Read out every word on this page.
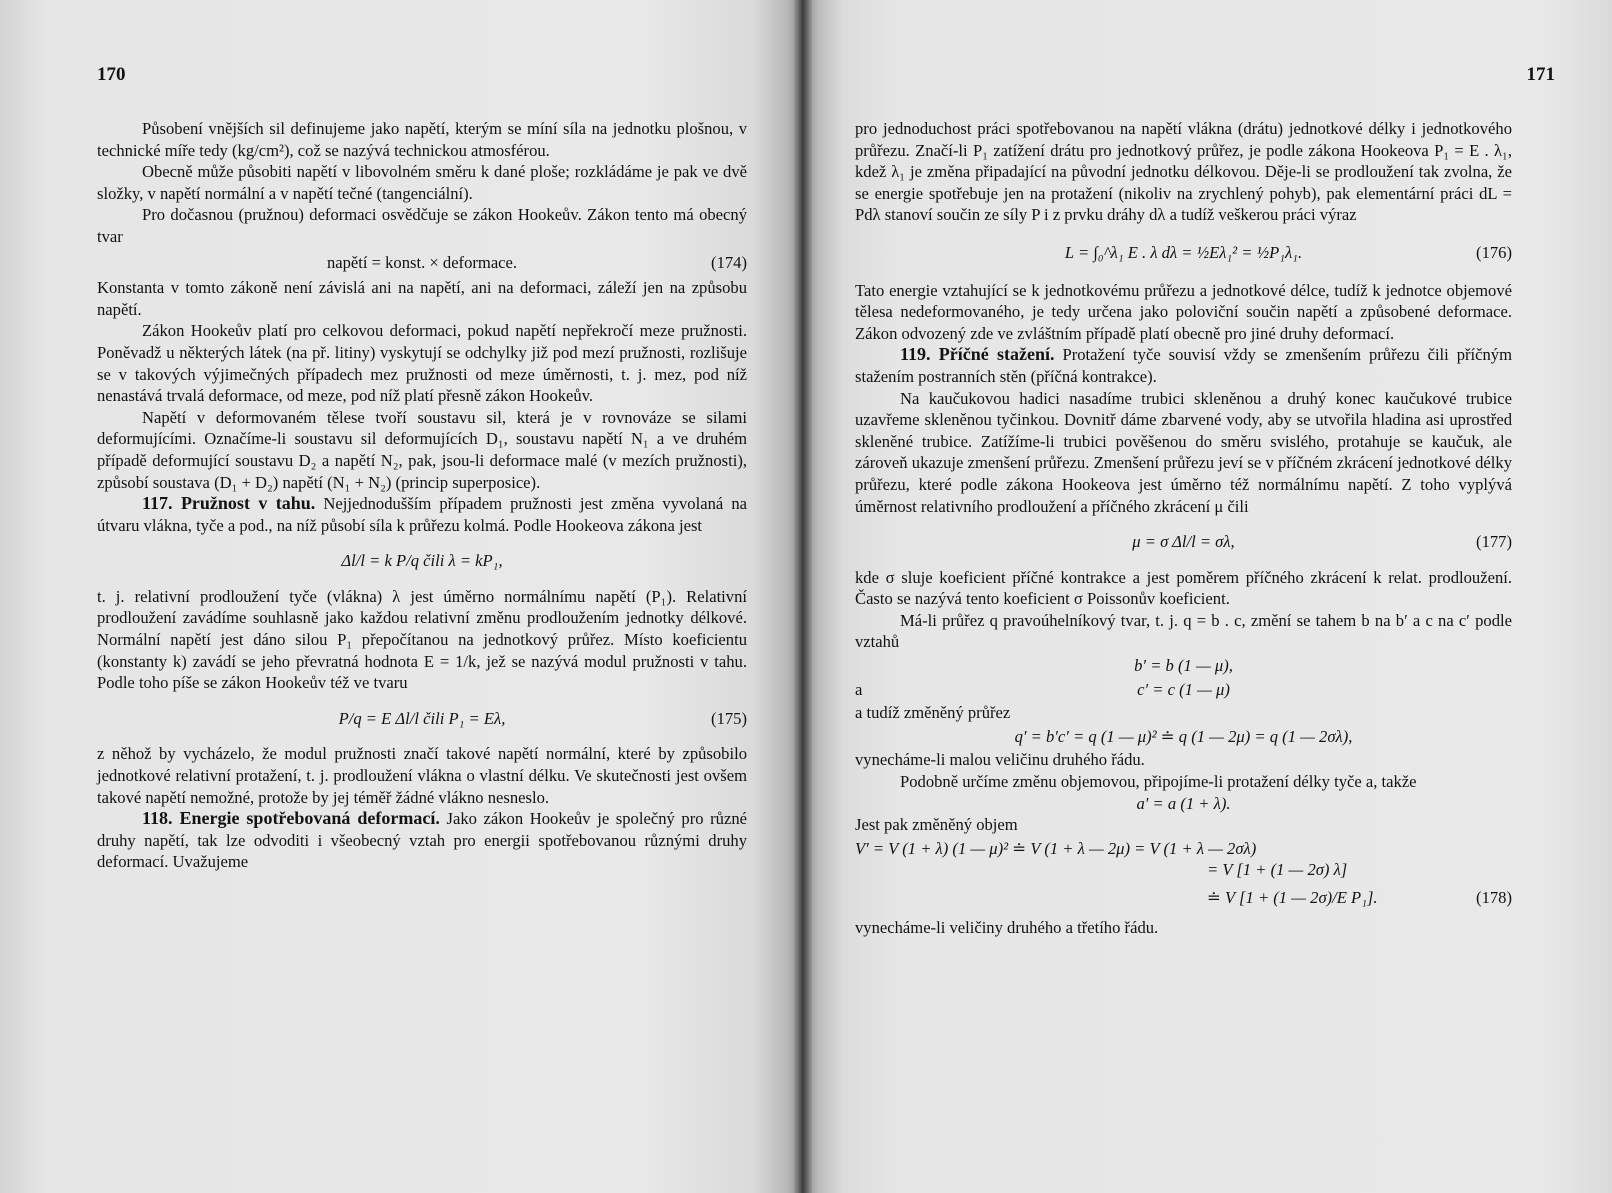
170

Působení vnějších sil definujeme jako napětí, kterým se míní síla na jednotku plošnou, v technické míře tedy (kg/cm²), což se nazývá technickou atmosférou.

Obecně může působiti napětí v libovolném směru k dané ploše; rozkládáme je pak ve dvě složky, v napětí normální a v napětí tečné (tangenciální).

Pro dočasnou (pružnou) deformaci osvědčuje se zákon Hookeův. Zákon tento má obecný tvar

napětí = konst. × deformace.	(174)

Konstanta v tomto zákoně není závislá ani na napětí, ani na deformaci, záleží jen na způsobu napětí.

Zákon Hookeův platí pro celkovou deformaci, pokud napětí nepřekročí meze pružnosti. Poněvadž u některých látek (na př. litiny) vyskytují se odchylky již pod mezí pružnosti, rozlišuje se v takových výjimečných případech mez pružnosti od meze úměrnosti, t. j. mez, pod níž nenastává trvalá deformace, od meze, pod níž platí přesně zákon Hookeův.

Napětí v deformovaném tělese tvoří soustavu sil, která je v rovnováze se silami deformujícími. Označíme-li soustavu sil deformujících D₁, soustavu napětí N₁ a ve druhém případě deformující soustavu D₂ a napětí N₂, pak, jsou-li deformace malé (v mezích pružnosti), způsobí soustava (D₁ + D₂) napětí (N₁ + N₂) (princip superposice).

117. Pružnost v tahu. Nejjednodušším případem pružnosti jest změna vyvolaná na útvaru vlákna, tyče a pod., na níž působí síla k průřezu kolmá. Podle Hookeova zákona jest

Δl/l = k P/q čili λ = kP₁,

t. j. relativní prodloužení tyče (vlákna) λ jest úměrno normálnímu napětí (P₁). Relativní prodloužení zavádíme souhlasně jako každou relativní změnu prodloužením jednotky délkové. Normální napětí jest dáno silou P₁ přepočítanou na jednotkový průřez. Místo koeficientu (konstanty k) zavádí se jeho převratná hodnota E = 1/k, jež se nazývá modul pružnosti v tahu. Podle toho píše se zákon Hookeův též ve tvaru

P/q = E Δl/l čili P₁ = Eλ,	(175)

z něhož by vycházelo, že modul pružnosti značí takové napětí normální, které by způsobilo jednotkové relativní protažení, t. j. prodloužení vlákna o vlastní délku. Ve skutečnosti jest ovšem takové napětí nemožné, protože by jej téměř žádné vlákno nesneslo.

118. Energie spotřebovaná deformací. Jako zákon Hookeův je společný pro různé druhy napětí, tak lze odvoditi i všeobecný vztah pro energii spotřebovanou různými druhy deformací. Uvažujeme

171

pro jednoduchost práci spotřebovanou na napětí vlákna (drátu) jednotkové délky i jednotkového průřezu. Značí-li P₁ zatížení drátu pro jednotkový průřez, je podle zákona Hookeova P₁ = E . λ₁, kdež λ₁ je změna připadající na původní jednotku délkovou. Děje-li se prodloužení tak zvolna, že se energie spotřebuje jen na protažení (nikoliv na zrychlený pohyb), pak elementární práci dL = Pdλ stanoví součin ze síly P i z prvku dráhy dλ a tudíž veškerou práci výraz

L = ∫₀^λ₁ E . λ dλ = ½Eλ₁² = ½P₁λ₁.	(176)

Tato energie vztahující se k jednotkovému průřezu a jednotkové délce, tudíž k jednotce objemové tělesa nedeformovaného, je tedy určena jako poloviční součin napětí a způsobené deformace. Zákon odvozený zde ve zvláštním případě platí obecně pro jiné druhy deformací.

119. Příčné stažení. Protažení tyče souvisí vždy se zmenšením průřezu čili příčným stažením postranních stěn (příčná kontrakce).

Na kaučukovou hadici nasadíme trubici skleněnou a druhý konec kaučukové trubice uzavřeme skleněnou tyčinkou. Dovnitř dáme zbarvené vody, aby se utvořila hladina asi uprostřed skleněné trubice. Zatížíme-li trubici pověšenou do směru svislého, protahuje se kaučuk, ale zároveň ukazuje zmenšení průřezu. Zmenšení průřezu jeví se v příčném zkrácení jednotkové délky průřezu, které podle zákona Hookeova jest úměrno též normálnímu napětí. Z toho vyplývá úměrnost relativního prodloužení a příčného zkrácení μ čili

μ = σ Δl/l = σλ,	(177)

kde σ sluje koeficient příčné kontrakce a jest poměrem příčného zkrácení k relat. prodloužení. Často se nazývá tento koeficient σ Poissonův koeficient.

Má-li průřez q pravoúhelníkový tvar, t. j. q = b . c, změní se tahem b na b′ a c na c′ podle vztahů

b′ = b (1 — μ),
a	c′ = c (1 — μ)

a tudíž změněný průřez

q′ = b′c′ = q (1 — μ)² ≐ q (1 — 2μ) = q (1 — 2σλ),

vynecháme-li malou veličinu druhého řádu.

Podobně určíme změnu objemovou, připojíme-li protažení délky tyče a, takže

a′ = a (1 + λ).

Jest pak změněný objem

V′ = V (1 + λ) (1 — μ)² ≐ V (1 + λ — 2μ) = V (1 + λ — 2σλ)
= V [1 + (1 — 2σ) λ]
≐ V [1 + (1 — 2σ)/E P₁].	(178)

vynecháme-li veličiny druhého a třetího řádu.
